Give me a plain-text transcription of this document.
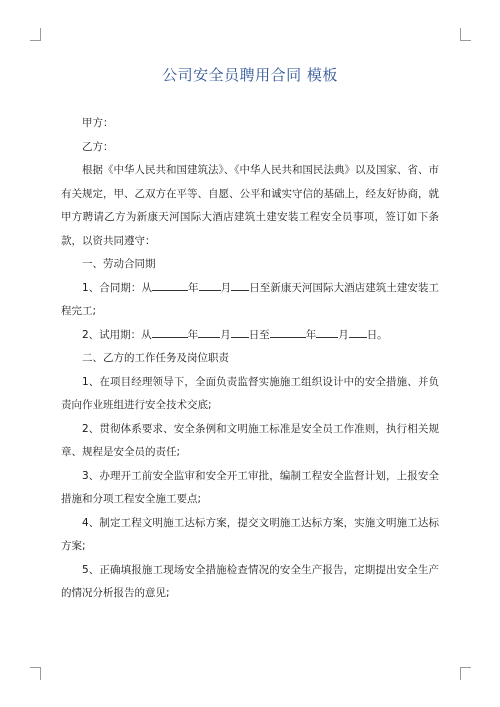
公司安全员聘用合同 模板

甲方：

乙方：

根据《中华人民共和国建筑法》、《中华人民共和国民法典》以及国家、省、市有关规定，甲、乙双方在平等、自愿、公平和诚实守信的基础上，经友好协商，就甲方聘请乙方为新康天河国际大酒店建筑土建安装工程安全员事项，签订如下条款，以资共同遵守：

一、劳动合同期

1、合同期：从	年 月 日至新康天河国际大酒店建筑土建安装工程完工;

2、试用期：从	年 月 日至	年 月 日。

二、乙方的工作任务及岗位职责

1、在项目经理领导下，全面负责监督实施施工组织设计中的安全措施、并负责向作业班组进行安全技术交底;

2、贯彻体系要求、安全条例和文明施工标准是安全员工作准则，执行相关规章、规程是安全员的责任;

3、办理开工前安全监审和安全开工审批，编制工程安全监督计划，上报安全措施和分项工程安全施工要点;

4、制定工程文明施工达标方案，提交文明施工达标方案，实施文明施工达标方案;

5、正确填报施工现场安全措施检查情况的安全生产报告，定期提出安全生产的情况分析报告的意见;
